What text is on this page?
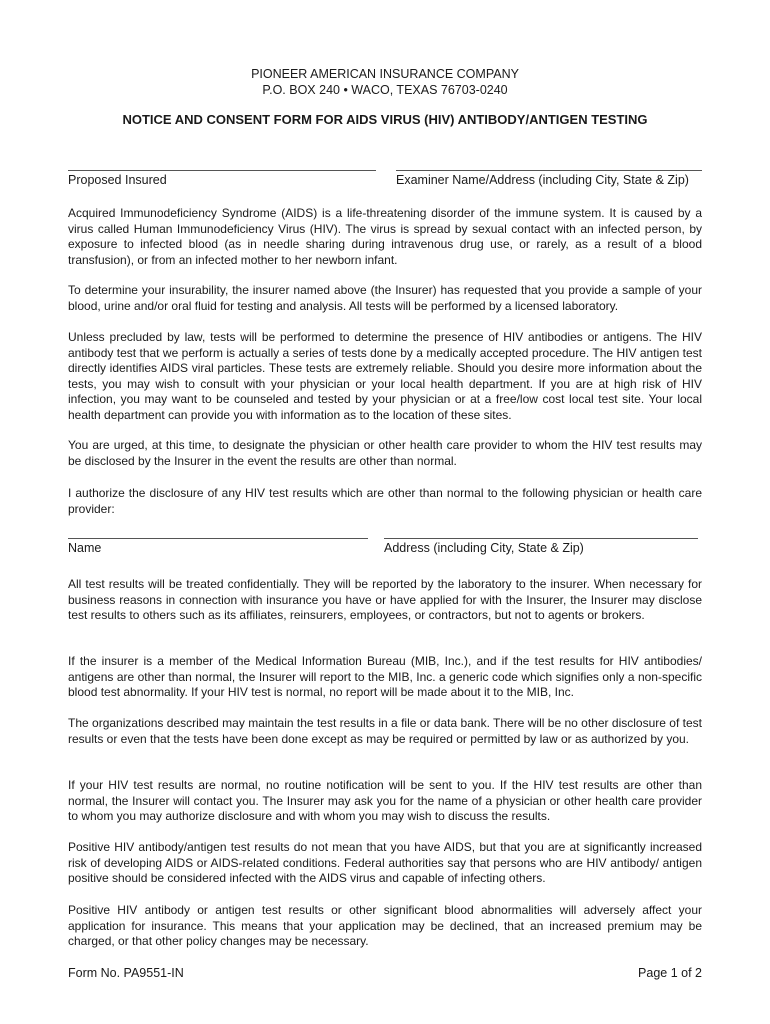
PIONEER AMERICAN INSURANCE COMPANY
P.O. BOX 240 • WACO, TEXAS 76703-0240
NOTICE AND CONSENT FORM FOR AIDS VIRUS (HIV) ANTIBODY/ANTIGEN TESTING
Proposed Insured	Examiner Name/Address (including City, State & Zip)

Acquired Immunodeficiency Syndrome (AIDS) is a life-threatening disorder of the immune system. It is caused by a virus called Human Immunodeficiency Virus (HIV). The virus is spread by sexual contact with an infected person, by exposure to infected blood (as in needle sharing during intravenous drug use, or rarely, as a result of a blood transfusion), or from an infected mother to her newborn infant.

To determine your insurability, the insurer named above (the Insurer) has requested that you provide a sample of your blood, urine and/or oral fluid for testing and analysis. All tests will be performed by a licensed laboratory.

Unless precluded by law, tests will be performed to determine the presence of HIV antibodies or antigens. The HIV antibody test that we perform is actually a series of tests done by a medically accepted procedure. The HIV antigen test directly identifies AIDS viral particles. These tests are extremely reliable. Should you desire more information about the tests, you may wish to consult with your physician or your local health department. If you are at high risk of HIV infection, you may want to be counseled and tested by your physician or at a free/low cost local test site. Your local health department can provide you with information as to the location of these sites.

You are urged, at this time, to designate the physician or other health care provider to whom the HIV test results may be disclosed by the Insurer in the event the results are other than normal.

I authorize the disclosure of any HIV test results which are other than normal to the following physician or health care provider:

Name	Address (including City, State & Zip)

All test results will be treated confidentially. They will be reported by the laboratory to the insurer. When necessary for business reasons in connection with insurance you have or have applied for with the Insurer, the Insurer may disclose test results to others such as its affiliates, reinsurers, employees, or contractors, but not to agents or brokers.

If the insurer is a member of the Medical Information Bureau (MIB, Inc.), and if the test results for HIV antibodies/ antigens are other than normal, the Insurer will report to the MIB, Inc. a generic code which signifies only a non-specific blood test abnormality. If your HIV test is normal, no report will be made about it to the MIB, Inc.

The organizations described may maintain the test results in a file or data bank. There will be no other disclosure of test results or even that the tests have been done except as may be required or permitted by law or as authorized by you.

If your HIV test results are normal, no routine notification will be sent to you. If the HIV test results are other than normal, the Insurer will contact you. The Insurer may ask you for the name of a physician or other health care provider to whom you may authorize disclosure and with whom you may wish to discuss the results.

Positive HIV antibody/antigen test results do not mean that you have AIDS, but that you are at significantly increased risk of developing AIDS or AIDS-related conditions. Federal authorities say that persons who are HIV antibody/ antigen positive should be considered infected with the AIDS virus and capable of infecting others.

Positive HIV antibody or antigen test results or other significant blood abnormalities will adversely affect your application for insurance. This means that your application may be declined, that an increased premium may be charged, or that other policy changes may be necessary.

Form No. PA9551-IN	Page 1 of 2
